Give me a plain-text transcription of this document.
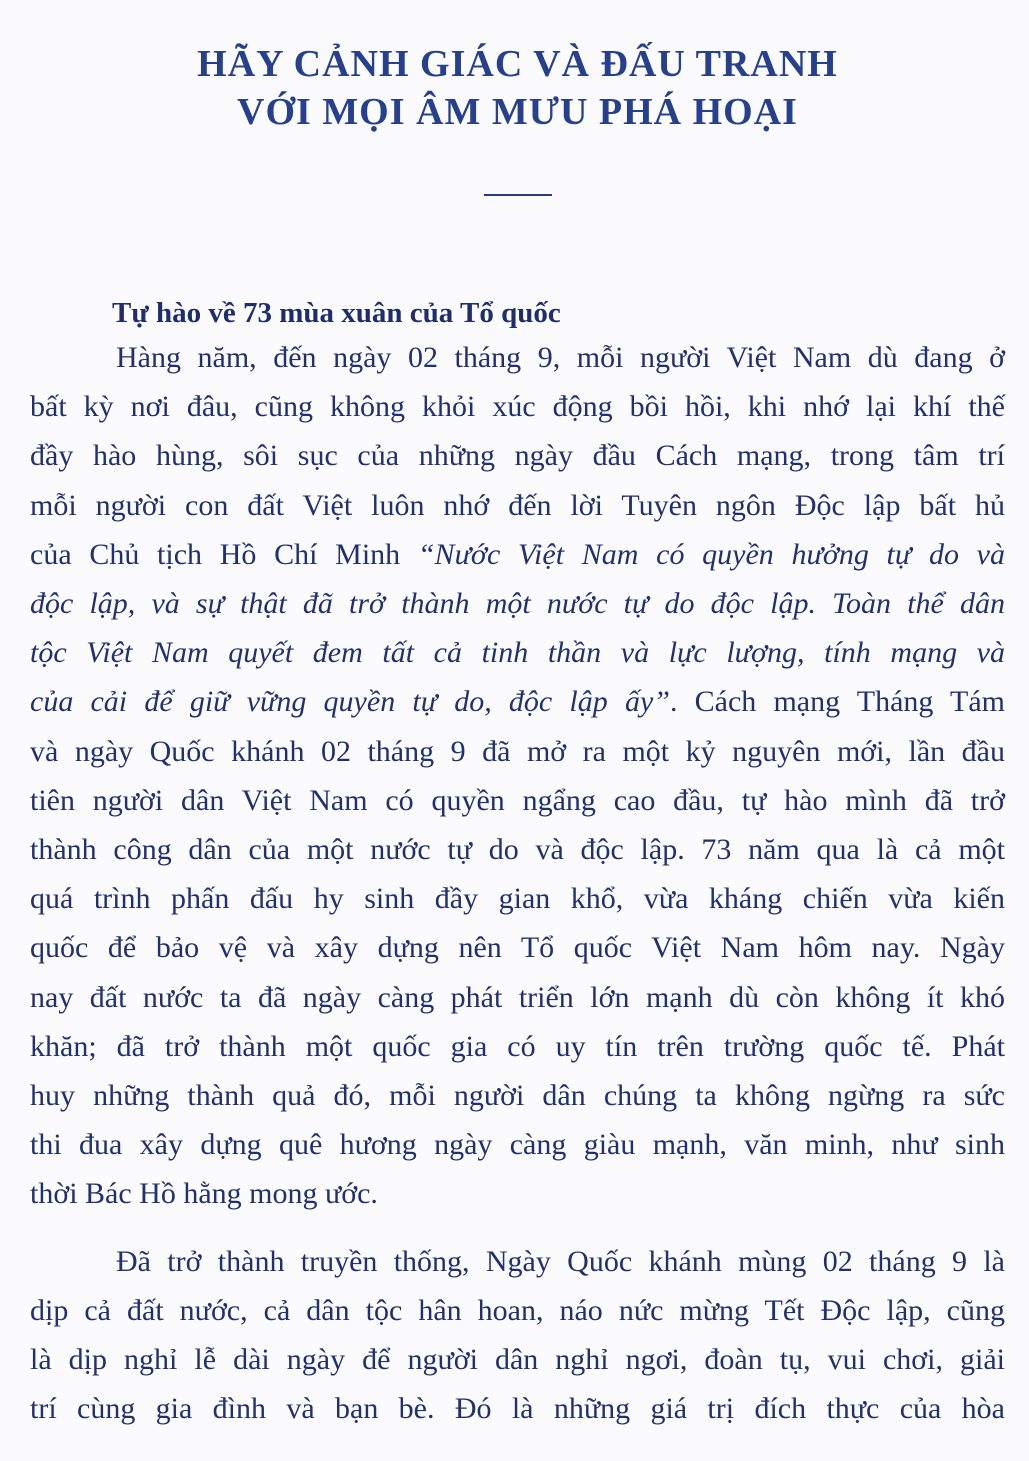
HÃY CẢNH GIÁC VÀ ĐẤU TRANH
VỚI MỌI ÂM MƯU PHÁ HOẠI
Tự hào về 73 mùa xuân của Tổ quốc
Hàng năm, đến ngày 02 tháng 9, mỗi người Việt Nam dù đang ở
bất kỳ nơi đâu, cũng không khỏi xúc động bồi hồi, khi nhớ lại khí thế
đầy hào hùng, sôi sục của những ngày đầu Cách mạng, trong tâm trí
mỗi người con đất Việt luôn nhớ đến lời Tuyên ngôn Độc lập bất hủ
của Chủ tịch Hồ Chí Minh “Nước Việt Nam có quyền hưởng tự do và
độc lập, và sự thật đã trở thành một nước tự do độc lập. Toàn thể dân
tộc Việt Nam quyết đem tất cả tinh thần và lực lượng, tính mạng và
của cải để giữ vững quyền tự do, độc lập ấy”. Cách mạng Tháng Tám
và ngày Quốc khánh 02 tháng 9 đã mở ra một kỷ nguyên mới, lần đầu
tiên người dân Việt Nam có quyền ngẩng cao đầu, tự hào mình đã trở
thành công dân của một nước tự do và độc lập. 73 năm qua là cả một
quá trình phấn đấu hy sinh đầy gian khổ, vừa kháng chiến vừa kiến
quốc để bảo vệ và xây dựng nên Tổ quốc Việt Nam hôm nay. Ngày
nay đất nước ta đã ngày càng phát triển lớn mạnh dù còn không ít khó
khăn; đã trở thành một quốc gia có uy tín trên trường quốc tế. Phát
huy những thành quả đó, mỗi người dân chúng ta không ngừng ra sức
thi đua xây dựng quê hương ngày càng giàu mạnh, văn minh, như sinh
thời Bác Hồ hằng mong ước.
Đã trở thành truyền thống, Ngày Quốc khánh mùng 02 tháng 9 là
dịp cả đất nước, cả dân tộc hân hoan, náo nức mừng Tết Độc lập, cũng
là dịp nghỉ lễ dài ngày để người dân nghỉ ngơi, đoàn tụ, vui chơi, giải
trí cùng gia đình và bạn bè. Đó là những giá trị đích thực của hòa
